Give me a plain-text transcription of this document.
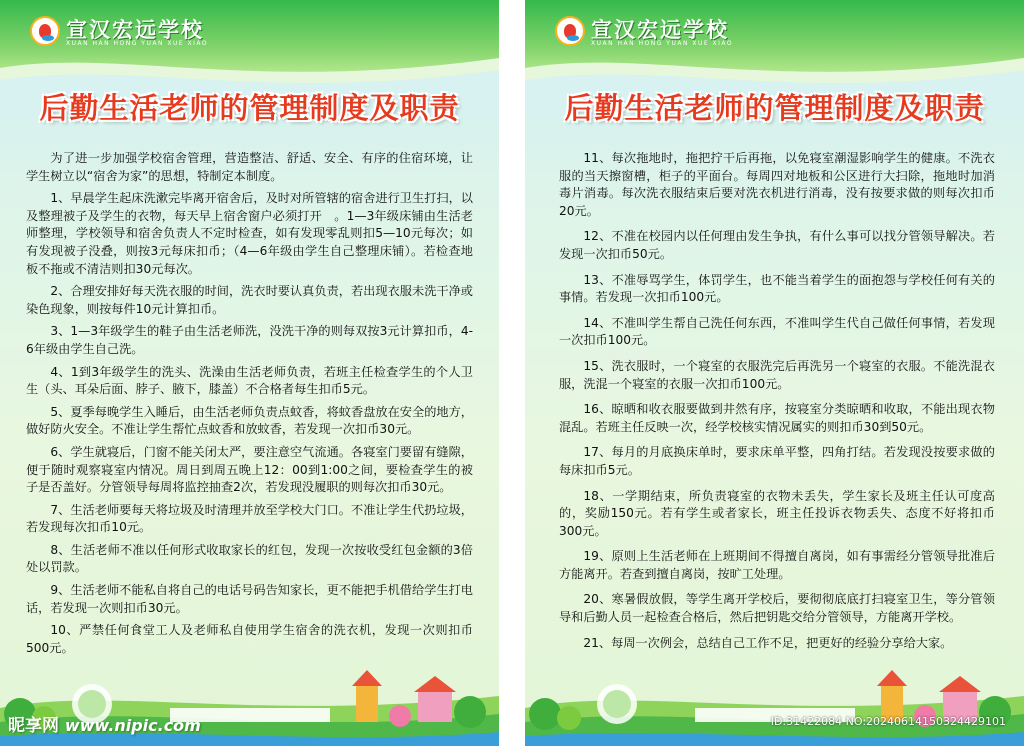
宣汉宏远学校
XUAN HAN HONG YUAN XUE XIAO
后勤生活老师的管理制度及职责

为了进一步加强学校宿舍管理，营造整洁、舒适、安全、有序的住宿环境，让学生树立以“宿舍为家”的思想，特制定本制度。

1、早晨学生起床洗漱完毕离开宿舍后，及时对所管辖的宿舍进行卫生打扫，以及整理被子及学生的衣物，每天早上宿舍窗户必须打开　。1—3年级床铺由生活老师整理，学校领导和宿舍负责人不定时检查，如有发现零乱则扣5—10元每次；如有发现被子没叠，则按3元每床扣币；（4—6年级由学生自己整理床铺）。若检查地板不拖或不清洁则扣30元每次。

2、合理安排好每天洗衣服的时间，洗衣时要认真负责，若出现衣服未洗干净或染色现象，则按每件10元计算扣币。

3、1—3年级学生的鞋子由生活老师洗，没洗干净的则每双按3元计算扣币，4-6年级由学生自己洗。

4、1到3年级学生的洗头、洗澡由生活老师负责，若班主任检查学生的个人卫生（头、耳朵后面、脖子、腋下，膝盖）不合格者每生扣币5元。

5、夏季每晚学生入睡后，由生活老师负责点蚊香，将蚊香盘放在安全的地方，做好防火安全。不准让学生帮忙点蚊香和放蚊香，若发现一次扣币30元。

6、学生就寝后，门窗不能关闭太严，要注意空气流通。各寝室门要留有缝隙，便于随时观察寝室内情况。周日到周五晚上12：00到1:00之间，要检查学生的被子是否盖好。分管领导每周将监控抽查2次，若发现没履职的则每次扣币30元。

7、生活老师要每天将垃圾及时清理并放至学校大门口。不准让学生代扔垃圾，若发现每次扣币10元。

8、生活老师不准以任何形式收取家长的红包，发现一次按收受红包金额的3倍处以罚款。

9、生活老师不能私自将自己的电话号码告知家长，更不能把手机借给学生打电话，若发现一次则扣币30元。

10、严禁任何食堂工人及老师私自使用学生宿舍的洗衣机，发现一次则扣币500元。

昵享网 www.nipic.com
宣汉宏远学校
XUAN HAN HONG YUAN XUE XIAO
后勤生活老师的管理制度及职责

11、每次拖地时，拖把拧干后再拖，以免寝室潮湿影响学生的健康。不洗衣服的当天擦窗槽，柜子的平面台。每周四对地板和公区进行大扫除，拖地时加消毒片消毒。每次洗衣服结束后要对洗衣机进行消毒，没有按要求做的则每次扣币20元。

12、不准在校园内以任何理由发生争执，有什么事可以找分管领导解决。若发现一次扣币50元。

13、不准辱骂学生，体罚学生，也不能当着学生的面抱怨与学校任何有关的事情。若发现一次扣币100元。

14、不准叫学生帮自己洗任何东西，不准叫学生代自己做任何事情，若发现一次扣币100元。

15、洗衣服时，一个寝室的衣服洗完后再洗另一个寝室的衣服。不能洗混衣服，洗混一个寝室的衣服一次扣币100元。

16、晾晒和收衣服要做到井然有序，按寝室分类晾晒和收取，不能出现衣物混乱。若班主任反映一次，经学校核实情况属实的则扣币30到50元。

17、每月的月底换床单时，要求床单平整，四角打结。若发现没按要求做的每床扣币5元。

18、一学期结束，所负责寝室的衣物未丢失，学生家长及班主任认可度高的，奖励150元。若有学生或者家长，班主任投诉衣物丢失、态度不好将扣币300元。

19、原则上生活老师在上班期间不得擅自离岗，如有事需经分管领导批准后方能离开。若查到擅自离岗，按旷工处理。

20、寒暑假放假，等学生离开学校后，要彻彻底底打扫寝室卫生，等分管领导和后勤人员一起检查合格后，然后把钥匙交给分管领导，方能离开学校。

21、每周一次例会，总结自己工作不足，把更好的经验分享给大家。

ID:31422084 NO:20240614150324429101
